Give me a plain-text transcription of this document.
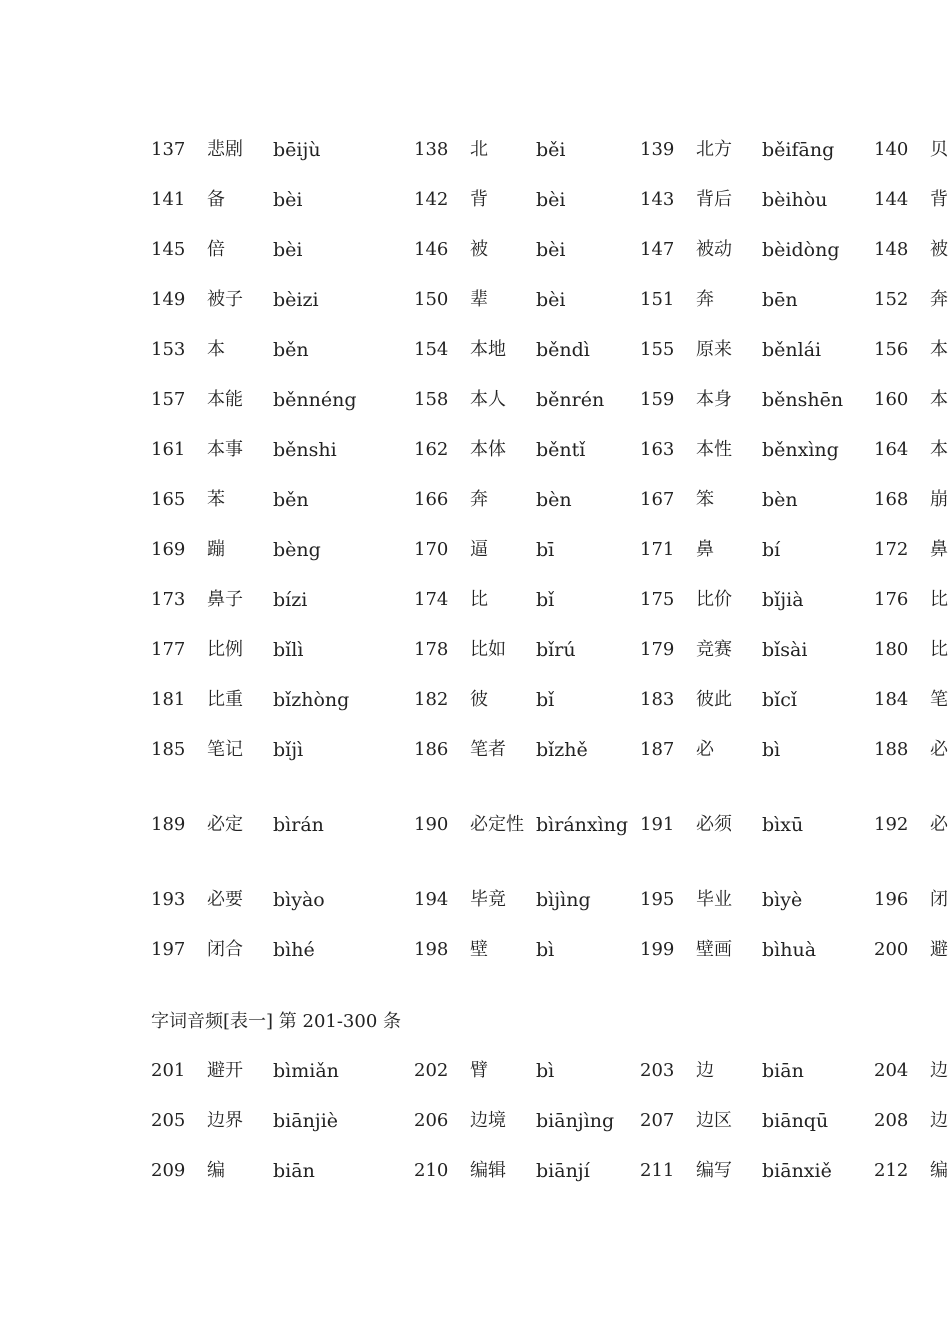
137	悲剧	bēijù	138	北	běi	139	北方	běifāng	140	贝	
141	备	bèi	142	背	bèi	143	背后	bèihòu	144	背	
145	倍	bèi	146	被	bèi	147	被动	bèidòng	148	被	
149	被子	bèizi	150	辈	bèi	151	奔	bēn	152	奔	
153	本	běn	154	本地	běndì	155	原来	běnlái	156	本	
157	本能	běnnéng	158	本人	běnrén	159	本身	běnshēn	160	本	
161	本事	běnshi	162	本体	běntǐ	163	本性	běnxìng	164	本	
165	苯	běn	166	奔	bèn	167	笨	bèn	168	崩	
169	蹦	bèng	170	逼	bī	171	鼻	bí	172	鼻	
173	鼻子	bízi	174	比	bǐ	175	比价	bǐjià	176	比	
177	比例	bǐlì	178	比如	bǐrú	179	竞赛	bǐsài	180	比	
181	比重	bǐzhòng	182	彼	bǐ	183	彼此	bǐcǐ	184	笔	
185	笔记	bǐjì	186	笔者	bǐzhě	187	必	bì	188	必	
189	必定	bìrán	190	必定性	bìránxìng	191	必须	bìxū	192	必	
193	必要	bìyào	194	毕竟	bìjìng	195	毕业	bìyè	196	闭	
197	闭合	bìhé	198	壁	bì	199	壁画	bìhuà	200	避	
字词音频[表一] 第 201-300 条
201	避开	bìmiǎn	202	臂	bì	203	边	biān	204	边	
205	边界	biānjiè	206	边境	biānjìng	207	边区	biānqū	208	边	
209	编	biān	210	编辑	biānjí	211	编写	biānxiě	212	编	
